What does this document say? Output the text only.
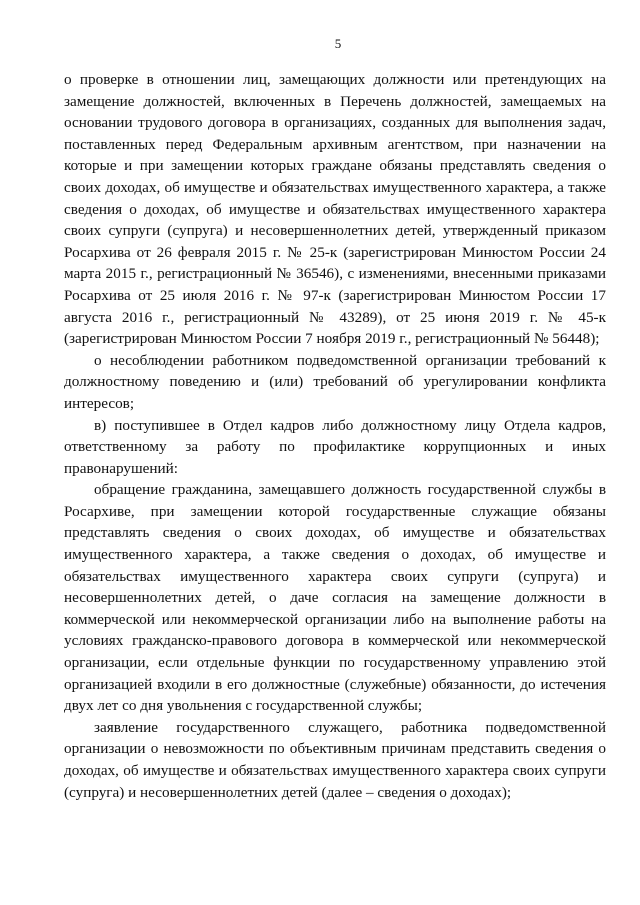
5

о проверке в отношении лиц, замещающих должности или претендующих на замещение должностей, включенных в Перечень должностей, замещаемых на основании трудового договора в организациях, созданных для выполнения задач, поставленных перед Федеральным архивным агентством, при назначении на которые и при замещении которых граждане обязаны представлять сведения о своих доходах, об имуществе и обязательствах имущественного характера, а также сведения о доходах, об имуществе и обязательствах имущественного характера своих супруги (супруга) и несовершеннолетних детей, утвержденный приказом Росархива от 26 февраля 2015 г. № 25-к (зарегистрирован Минюстом России 24 марта 2015 г., регистрационный № 36546), с изменениями, внесенными приказами Росархива от 25 июля 2016 г. № 97-к (зарегистрирован Минюстом России 17 августа 2016 г., регистрационный № 43289), от 25 июня 2019 г. № 45-к (зарегистрирован Минюстом России 7 ноября 2019 г., регистрационный № 56448);

о несоблюдении работником подведомственной организации требований к должностному поведению и (или) требований об урегулировании конфликта интересов;

в) поступившее в Отдел кадров либо должностному лицу Отдела кадров, ответственному за работу по профилактике коррупционных и иных правонарушений:

обращение гражданина, замещавшего должность государственной службы в Росархиве, при замещении которой государственные служащие обязаны представлять сведения о своих доходах, об имуществе и обязательствах имущественного характера, а также сведения о доходах, об имуществе и обязательствах имущественного характера своих супруги (супруга) и несовершеннолетних детей, о даче согласия на замещение должности в коммерческой или некоммерческой организации либо на выполнение работы на условиях гражданско-правового договора в коммерческой или некоммерческой организации, если отдельные функции по государственному управлению этой организацией входили в его должностные (служебные) обязанности, до истечения двух лет со дня увольнения с государственной службы;

заявление государственного служащего, работника подведомственной организации о невозможности по объективным причинам представить сведения о доходах, об имуществе и обязательствах имущественного характера своих супруги (супруга) и несовершеннолетних детей (далее – сведения о доходах);
